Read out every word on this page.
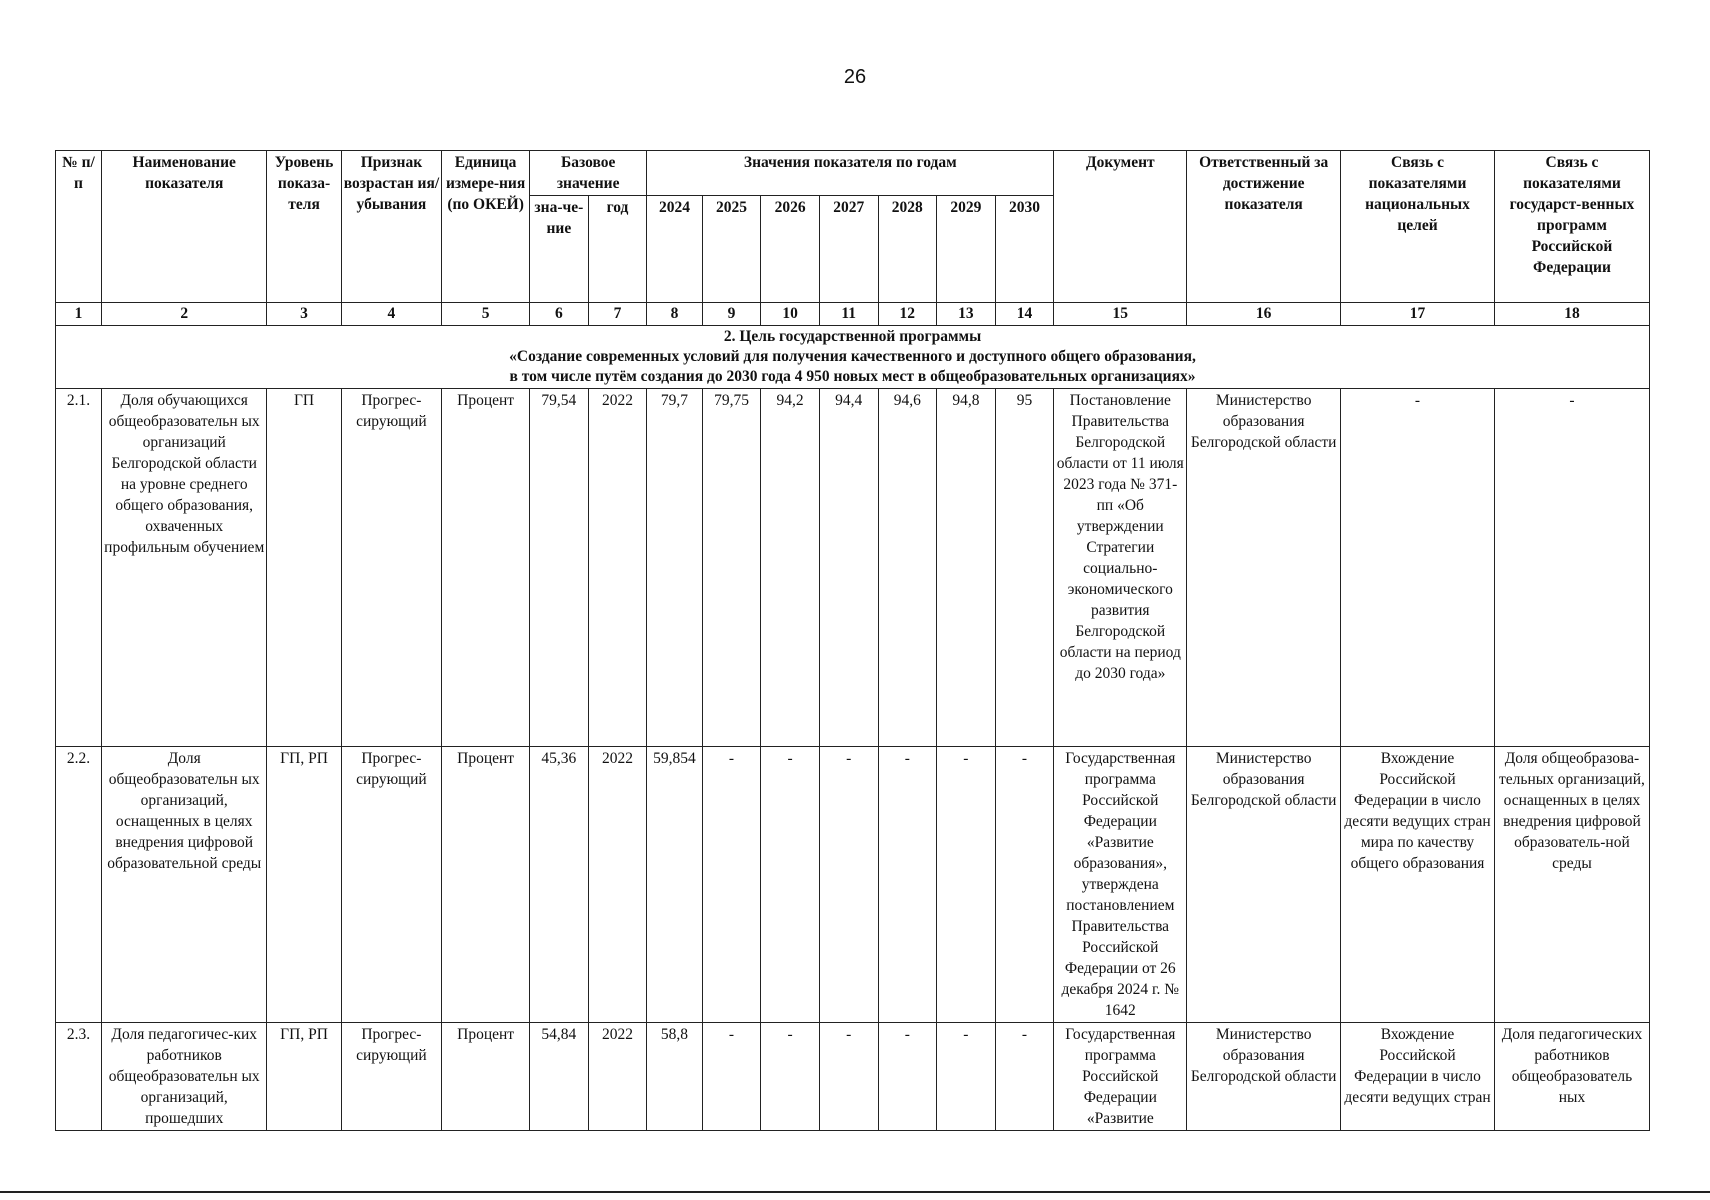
26
№ п/п	Наименование показателя	Уровень показа-теля	Признак возрастан ия/ убывания	Единица измере-ния (по ОКЕЙ)	Базовое значение		Значения показателя по годам							Документ	Ответственный за достижение показателя	Связь с показателями национальных целей	Связь с показателями государст-венных программ Российской Федерации
					зна-че-ние	год	2024	2025	2026	2027	2028	2029	2030				
1	2	3	4	5	6	7	8	9	10	11	12	13	14	15	16	17	18

2. Цель государственной программы
«Создание современных условий для получения качественного и доступного общего образования,
в том числе путём создания до 2030 года 4 950 новых мест в общеобразовательных организациях»																	

2.1.	Доля обучающихся общеобразовательн ых организаций Белгородской области на уровне среднего общего образования, охваченных профильным обучением	ГП	Прогрес-сирующий	Процент	79,54	2022	79,7	79,75	94,2	94,4	94,6	94,8	95	Постановление Правительства Белгородской области от 11 июля 2023 года № 371-пп «Об утверждении Стратегии социально-экономического развития Белгородской области на период до 2030 года»	Министерство образования Белгородской области	-	-
2.2.	Доля общеобразовательн ых организаций, оснащенных в целях внедрения цифровой образовательной среды	ГП, РП	Прогрес-сирующий	Процент	45,36	2022	59,854	-	-	-	-	-	-	Государственная программа Российской Федерации «Развитие образования», утверждена постановлением Правительства Российской Федерации от 26 декабря 2024 г. № 1642	Министерство образования Белгородской области	Вхождение Российской Федерации в число десяти ведущих стран мира по качеству общего образования	Доля общеобразова-тельных организаций, оснащенных в целях внедрения цифровой образователь-ной среды
2.3.	Доля педагогичес-ких работников общеобразовательн ых организаций, прошедших	ГП, РП	Прогрес-сирующий	Процент	54,84	2022	58,8	-	-	-	-	-	-	Государственная программа Российской Федерации «Развитие	Министерство образования Белгородской области	Вхождение Российской Федерации в число десяти ведущих стран	Доля педагогических работников общеобразователь ных
